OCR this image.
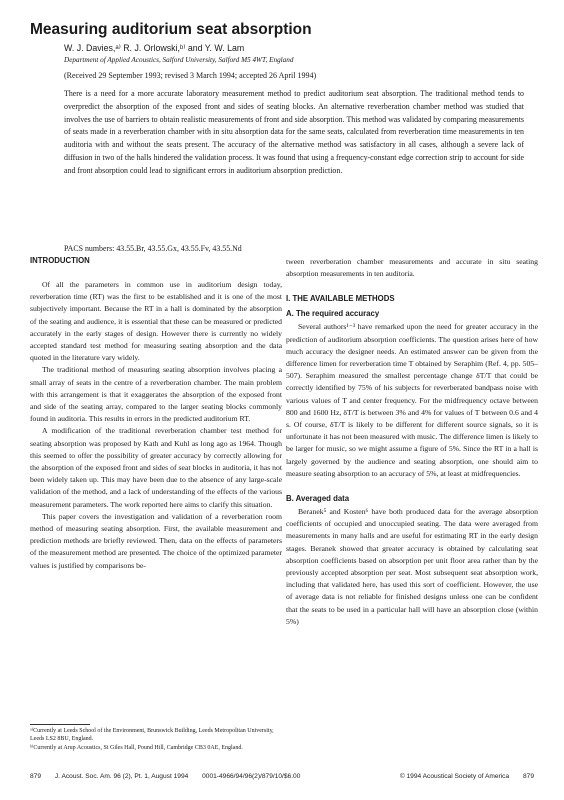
Measuring auditorium seat absorption
W. J. Davies,ᵃ⁾ R. J. Orlowski,ᵇ⁾ and Y. W. Lam
Department of Applied Acoustics, Salford University, Salford M5 4WT, England
(Received 29 September 1993; revised 3 March 1994; accepted 26 April 1994)

There is a need for a more accurate laboratory measurement method to predict auditorium seat absorption. The traditional method tends to overpredict the absorption of the exposed front and sides of seating blocks. An alternative reverberation chamber method was studied that involves the use of barriers to obtain realistic measurements of front and side absorption. This method was validated by comparing measurements of seats made in a reverberation chamber with in situ absorption data for the same seats, calculated from reverberation time measurements in ten auditoria with and without the seats present. The accuracy of the alternative method was satisfactory in all cases, although a severe lack of diffusion in two of the halls hindered the validation process. It was found that using a frequency-constant edge correction strip to account for side and front absorption could lead to significant errors in auditorium absorption prediction.

PACS numbers: 43.55.Br, 43.55.Gx, 43.55.Fv, 43.55.Nd

INTRODUCTION

Of all the parameters in common use in auditorium design today, reverberation time (RT) was the first to be established and it is one of the most subjectively important. Because the RT in a hall is dominated by the absorption of the seating and audience, it is essential that these can be measured or predicted accurately in the early stages of design. However there is currently no widely accepted standard test method for measuring seating absorption and the data quoted in the literature vary widely.

The traditional method of measuring seating absorption involves placing a small array of seats in the centre of a reverberation chamber. The main problem with this arrangement is that it exaggerates the absorption of the exposed front and side of the seating array, compared to the larger seating blocks commonly found in auditoria. This results in errors in the predicted auditorium RT.

A modification of the traditional reverberation chamber test method for seating absorption was proposed by Kath and Kuhl as long ago as 1964. Though this seemed to offer the possibility of greater accuracy by correctly allowing for the absorption of the exposed front and sides of seat blocks in auditoria, it has not been widely taken up. This may have been due to the absence of any large-scale validation of the method, and a lack of understanding of the effects of the various measurement parameters. The work reported here aims to clarify this situation.

This paper covers the investigation and validation of a reverberation room method of measuring seating absorption. First, the available measurement and prediction methods are briefly reviewed. Then, data on the effects of parameters of the measurement method are presented. The choice of the optimized parameter values is justified by comparisons be-

ᵃ⁾Currently at Leeds School of the Environment, Brunswick Building, Leeds Metropolitan University, Leeds LS2 8BU, England.
ᵇ⁾Currently at Arup Acoustics, St Giles Hall, Pound Hill, Cambridge CB3 0AE, England.

tween reverberation chamber measurements and accurate in situ seating absorption measurements in ten auditoria.

I. THE AVAILABLE METHODS

A. The required accuracy

Several authors¹⁻³ have remarked upon the need for greater accuracy in the prediction of auditorium absorption coefficients. The question arises here of how much accuracy the designer needs. An estimated answer can be given from the difference limen for reverberation time T obtained by Seraphim (Ref. 4, pp. 505–507). Seraphim measured the smallest percentage change δT/T that could be correctly identified by 75% of his subjects for reverberated bandpass noise with various values of T and center frequency. For the midfrequency octave between 800 and 1600 Hz, δT/T is between 3% and 4% for values of T between 0.6 and 4 s. Of course, δT/T is likely to be different for different source signals, so it is unfortunate it has not been measured with music. The difference limen is likely to be larger for music, so we might assume a figure of 5%. Since the RT in a hall is largely governed by the audience and seating absorption, one should aim to measure seating absorption to an accuracy of 5%, at least at midfrequencies.

B. Averaged data

Beranek⁵ and Kosten⁶ have both produced data for the average absorption coefficients of occupied and unoccupied seating. The data were averaged from measurements in many halls and are useful for estimating RT in the early design stages. Beranek showed that greater accuracy is obtained by calculating seat absorption coefficients based on absorption per unit floor area rather than by the previously accepted absorption per seat. Most subsequent seat absorption work, including that validated here, has used this sort of coefficient. However, the use of average data is not reliable for finished designs unless one can be confident that the seats to be used in a particular hall will have an absorption close (within 5%)

879 J. Acoust. Soc. Am. 96 (2), Pt. 1, August 1994 0001-4966/94/96(2)/879/10/$6.00	© 1994 Acoustical Society of America 879
